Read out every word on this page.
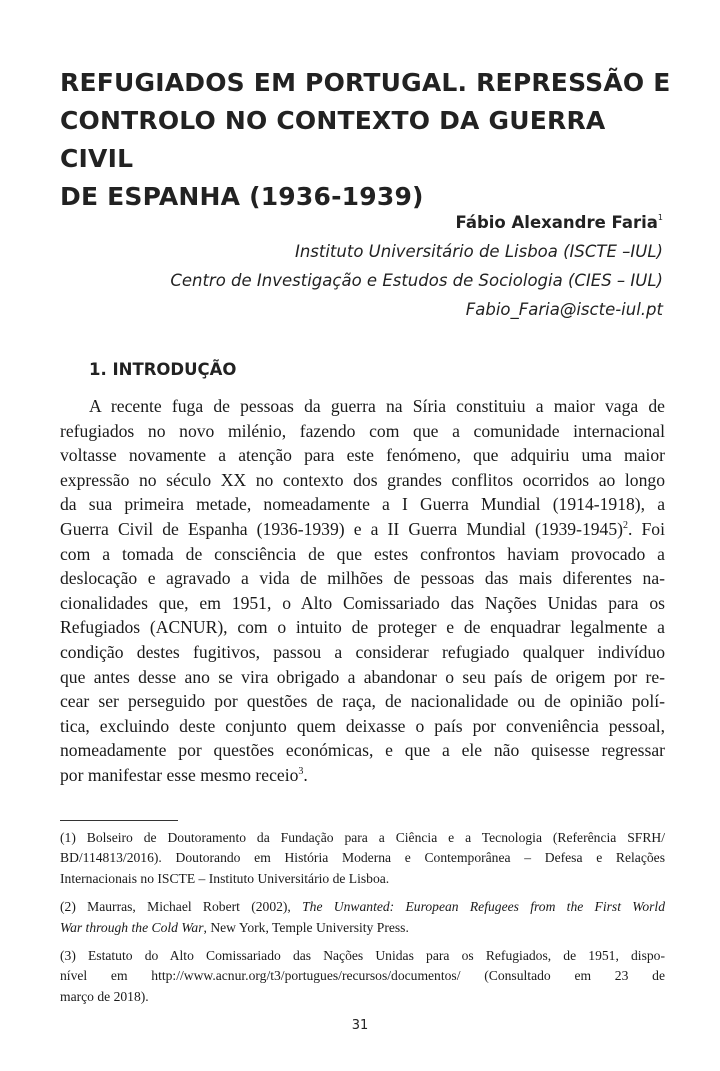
REFUGIADOS EM PORTUGAL. REPRESSÃO E
CONTROLO NO CONTEXTO DA GUERRA CIVIL
DE ESPANHA (1936-1939)
Fábio Alexandre Faria$^1$
Instituto Universitário de Lisboa (ISCTE –IUL)
Centro de Investigação e Estudos de Sociologia (CIES – IUL)
Fabio_Faria@iscte-iul.pt
1. INTRODUÇÃO
A recente fuga de pessoas da guerra na Síria constituiu a maior vaga de
refugiados no novo milénio, fazendo com que a comunidade internacional
voltasse novamente a atenção para este fenómeno, que adquiriu uma maior
expressão no século XX no contexto dos grandes conflitos ocorridos ao longo
da sua primeira metade, nomeadamente a I Guerra Mundial (1914-1918), a
Guerra Civil de Espanha (1936-1939) e a II Guerra Mundial (1939-1945)$^2$. Foi
com a tomada de consciência de que estes confrontos haviam provocado a
deslocação e agravado a vida de milhões de pessoas das mais diferentes na-
cionalidades que, em 1951, o Alto Comissariado das Nações Unidas para os
Refugiados (ACNUR), com o intuito de proteger e de enquadrar legalmente a
condição destes fugitivos, passou a considerar refugiado qualquer indivíduo
que antes desse ano se vira obrigado a abandonar o seu país de origem por re-
cear ser perseguido por questões de raça, de nacionalidade ou de opinião polí-
tica, excluindo deste conjunto quem deixasse o país por conveniência pessoal,
nomeadamente por questões económicas, e que a ele não quisesse regressar
por manifestar esse mesmo receio$^3$.
(1) Bolseiro de Doutoramento da Fundação para a Ciência e a Tecnologia (Referência SFRH/
BD/114813/2016). Doutorando em História Moderna e Contemporânea – Defesa e Relações
Internacionais no ISCTE – Instituto Universitário de Lisboa.
(2) Maurras, Michael Robert (2002), The Unwanted: European Refugees from the First World
War through the Cold War, New York, Temple University Press.
(3) Estatuto do Alto Comissariado das Nações Unidas para os Refugiados, de 1951, dispo-
nível em http://www.acnur.org/t3/portugues/recursos/documentos/ (Consultado em 23 de
março de 2018).
31
